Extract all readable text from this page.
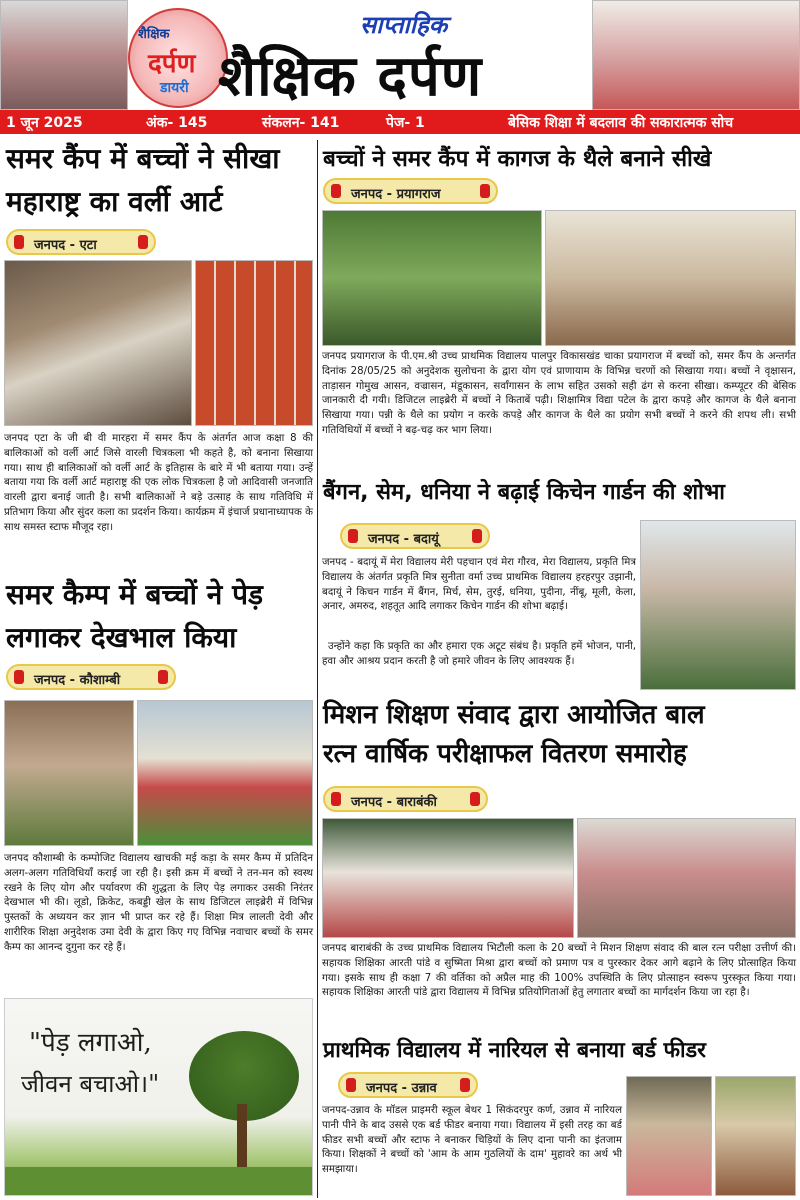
शैक्षिक
दर्पण
डायरी
साप्ताहिक
शैक्षिक दर्पण
1 जून 2025	अंक- 145	संकलन- 141	पेज- 1	बेसिक शिक्षा में बदलाव की सकारात्मक सोच
समर कैंप में बच्चों ने सीखा
महाराष्ट्र का वर्ली आर्ट
जनपद - एटा
जनपद एटा के जी बी वी मारहरा में समर कैंप के अंतर्गत आज कक्षा 8 की बालिकाओं को वर्ली आर्ट जिसे वारली चित्रकला भी कहते है, को बनाना सिखाया गया। साथ ही बालिकाओं को वर्ली आर्ट के इतिहास के बारे में भी बताया गया। उन्हें बताया गया कि वर्ली आर्ट महाराष्ट्र की एक लोक चित्रकला है जो आदिवासी जनजाति वारली द्वारा बनाई जाती है। सभी बालिकाओं ने बड़े उत्साह के साथ गतिविधि में प्रतिभाग किया और सुंदर कला का प्रदर्शन किया। कार्यक्रम में इंचार्ज प्रधानाध्यापक के साथ समस्त स्टाफ मौजूद रहा।
समर कैम्प में बच्चों ने पेड़
लगाकर देखभाल किया
जनपद - कौशाम्बी
जनपद कौशाम्बी के कम्पोजिट विद्यालय खाचकी मई कड़ा के समर कैम्प में प्रतिदिन अलग-अलग गतिविधियाँ कराई जा रही है। इसी क्रम में बच्चों ने तन-मन को स्वस्थ रखने के लिए योग और पर्यावरण की शुद्धता के लिए पेड़ लगाकर उसकी निरंतर देखभाल भी की। लूडो, क्रिकेट, कबड्डी खेल के साथ डिजिटल लाइब्रेरी में विभिन्न पुस्तकों के अध्ययन कर ज्ञान भी प्राप्त कर रहे हैं। शिक्षा मित्र लालती देवी और शारीरिक शिक्षा अनुदेशक उमा देवी के द्वारा किए गए विभिन्न नवाचार बच्चों के समर कैम्प का आनन्द दुगुना कर रहे हैं।
"पेड़ लगाओ,
जीवन बचाओ।"
बच्चों ने समर कैंप में कागज के थैले बनाने सीखे
जनपद - प्रयागराज
जनपद प्रयागराज के पी.एम.श्री उच्च प्राथमिक विद्यालय पालपुर विकासखंड चाका प्रयागराज में बच्चों को, समर कैंप के अन्तर्गत दिनांक 28/05/25 को अनुदेशक सुलोचना के द्वारा योग एवं प्राणायाम के विभिन्न चरणों को सिखाया गया। बच्चों ने वृक्षासन, ताड़ासन गोमुख आसन, वज्रासन, मंडूकासन, सर्वांगासन के लाभ सहित उसको सही ढंग से करना सीखा। कम्प्यूटर की बेसिक जानकारी दी गयी। डिजिटल लाइब्रेरी में बच्चों ने किताबें पढ़ी। शिक्षामित्र विद्या पटेल के द्वारा कपड़े और कागज के थैले बनाना सिखाया गया। पन्नी के थैले का प्रयोग न करके कपड़े और कागज के थैले का प्रयोग सभी बच्चों ने करने की शपथ ली। सभी गतिविधियों में बच्चों ने बढ़-चढ़ कर भाग लिया।
बैंगन, सेम, धनिया ने बढ़ाई किचेन गार्डन की शोभा
जनपद - बदायूं
जनपद - बदायूं में मेरा विद्यालय मेरी पहचान एवं मेरा गौरव, मेरा विद्यालय, प्रकृति मित्र विद्यालय के अंतर्गत प्रकृति मित्र सुनीता वर्मा उच्च प्राथमिक विद्यालय हरहरपुर उझानी, बदायूं ने किचन गार्डन में बैंगन, मिर्च, सेम, तुरई, धनिया, पुदीना, नींबू, मूली, केला, अनार, अमरुद, शहतूत आदि लगाकर किचेन गार्डन की शोभा बढ़ाई।
उन्होंने कहा कि प्रकृति का और हमारा एक अटूट संबंध है। प्रकृति हमें भोजन, पानी, हवा और आश्रय प्रदान करती है जो हमारे जीवन के लिए आवश्यक हैं।
मिशन शिक्षण संवाद द्वारा आयोजित बाल
रत्न वार्षिक परीक्षाफल वितरण समारोह
जनपद - बाराबंकी
जनपद बाराबंकी के उच्च प्राथमिक विद्यालय भिटौली कला के 20 बच्चों ने मिशन शिक्षण संवाद की बाल रत्न परीक्षा उत्तीर्ण की। सहायक शिक्षिका आरती पांडे व सुष्मिता मिश्रा द्वारा बच्चों को प्रमाण पत्र व पुरस्कार देकर आगे बढ़ाने के लिए प्रोत्साहित किया गया। इसके साथ ही कक्षा 7 की वर्तिका को अप्रैल माह की 100% उपस्थिति के लिए प्रोत्साहन स्वरूप पुरस्कृत किया गया। सहायक शिक्षिका आरती पांडे द्वारा विद्यालय में विभिन्न प्रतियोगिताओं हेतु लगातार बच्चों का मार्गदर्शन किया जा रहा है।
प्राथमिक विद्यालय में नारियल से बनाया बर्ड फीडर
जनपद - उन्नाव
जनपद-उन्नाव के मॉडल प्राइमरी स्कूल बेथर 1 सिकंदरपुर कर्ण, उन्नाव में नारियल पानी पीने के बाद उससे एक बर्ड फीडर बनाया गया। विद्यालय में इसी तरह का बर्ड फीडर सभी बच्चों और स्टाफ ने बनाकर चिड़ियों के लिए दाना पानी का इंतजाम किया। शिक्षकों ने बच्चों को 'आम के आम गुठलियों के दाम' मुहावरे का अर्थ भी समझाया।
